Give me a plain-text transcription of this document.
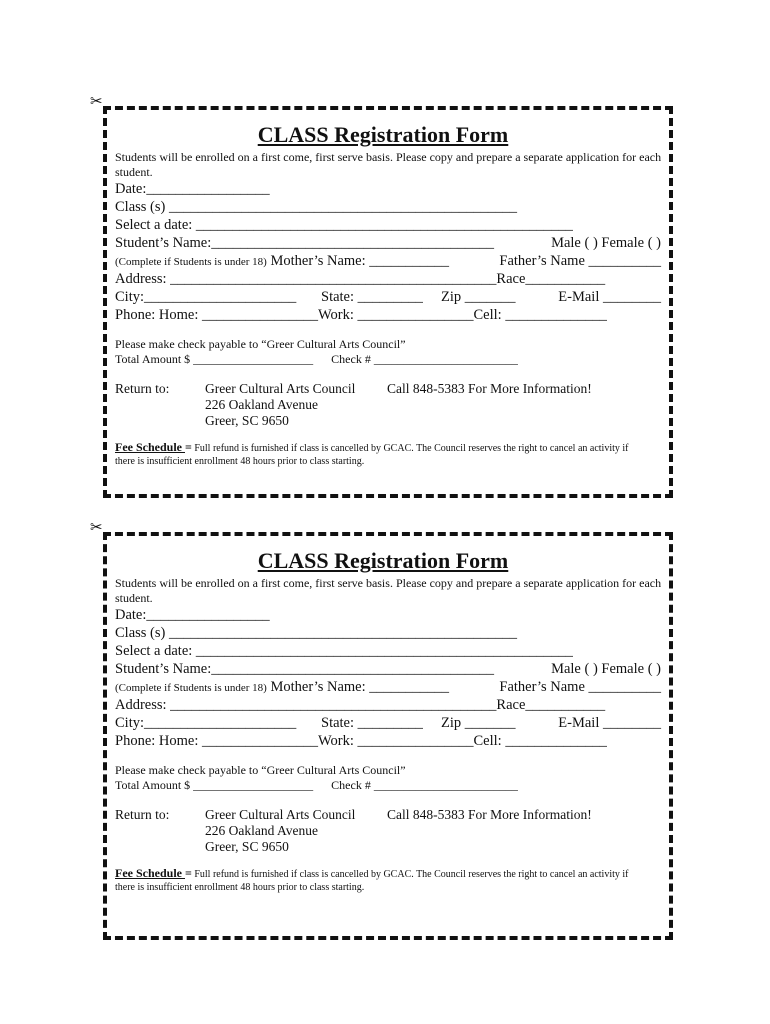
✂
CLASS Registration Form
Students will be enrolled on a first come, first serve basis. Please copy and prepare a separate application for each student.
Date:_________________
Class (s) ________________________________________________
Select a date: ____________________________________________________
Student’s Name:_______________________________________	Male ( ) Female ( )
(Complete if Students is under 18) Mother’s Name: ___________	Father’s Name __________
Address: _____________________________________________Race___________
City:_____________________ State: _________ Zip _______	E-Mail ________
Phone: Home: ________________Work: ________________Cell: ______________
Please make check payable to “Greer Cultural Arts Council”
Total Amount $ ____________________ Check # ________________________
Return to:	Greer Cultural Arts Council
226 Oakland Avenue
Greer, SC 9650
Call 848-5383 For More Information!
Fee Schedule = Full refund is furnished if class is cancelled by GCAC. The Council reserves the right to cancel an activity if there is insufficient enrollment 48 hours prior to class starting.
✂
CLASS Registration Form
Students will be enrolled on a first come, first serve basis. Please copy and prepare a separate application for each student.
Date:_________________
Class (s) ________________________________________________
Select a date: ____________________________________________________
Student’s Name:_______________________________________	Male ( ) Female ( )
(Complete if Students is under 18) Mother’s Name: ___________	Father’s Name __________
Address: _____________________________________________Race___________
City:_____________________ State: _________ Zip _______	E-Mail ________
Phone: Home: ________________Work: ________________Cell: ______________
Please make check payable to “Greer Cultural Arts Council”
Total Amount $ ____________________ Check # ________________________
Return to:	Greer Cultural Arts Council
226 Oakland Avenue
Greer, SC 9650
Call 848-5383 For More Information!
Fee Schedule = Full refund is furnished if class is cancelled by GCAC. The Council reserves the right to cancel an activity if there is insufficient enrollment 48 hours prior to class starting.
